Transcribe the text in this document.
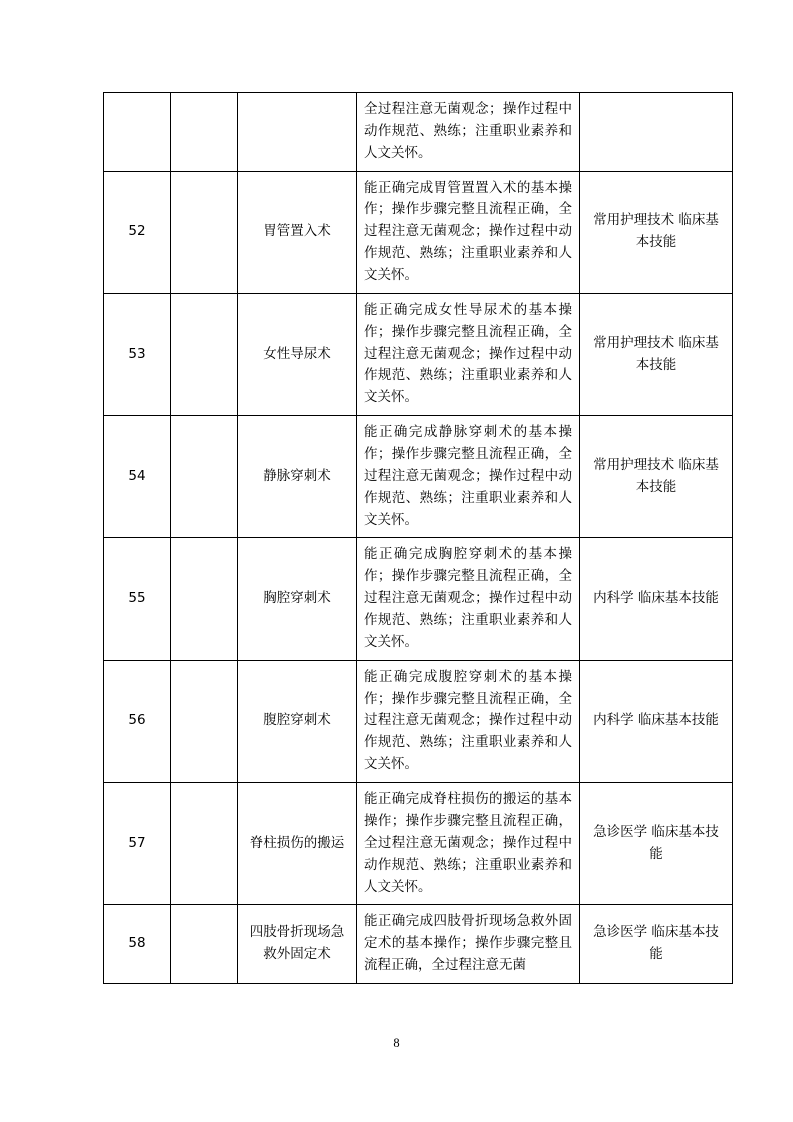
			全过程注意无菌观念；操作过程中动作规范、熟练；注重职业素养和人文关怀。	

52		胃管置入术	能正确完成胃管置置入术的基本操作；操作步骤完整且流程正确，全过程注意无菌观念；操作过程中动作规范、熟练；注重职业素养和人文关怀。	常用护理技术 临床基本技能

53		女性导尿术	能正确完成女性导尿术的基本操作；操作步骤完整且流程正确，全过程注意无菌观念；操作过程中动作规范、熟练；注重职业素养和人文关怀。	常用护理技术 临床基本技能

54		静脉穿刺术	能正确完成静脉穿刺术的基本操作；操作步骤完整且流程正确，全过程注意无菌观念；操作过程中动作规范、熟练；注重职业素养和人文关怀。	常用护理技术 临床基本技能

55		胸腔穿刺术	能正确完成胸腔穿刺术的基本操作；操作步骤完整且流程正确，全过程注意无菌观念；操作过程中动作规范、熟练；注重职业素养和人文关怀。	内科学 临床基本技能

56		腹腔穿刺术	能正确完成腹腔穿刺术的基本操作；操作步骤完整且流程正确，全过程注意无菌观念；操作过程中动作规范、熟练；注重职业素养和人文关怀。	内科学 临床基本技能

57		脊柱损伤的搬运	能正确完成脊柱损伤的搬运的基本操作；操作步骤完整且流程正确，全过程注意无菌观念；操作过程中动作规范、熟练；注重职业素养和人文关怀。	急诊医学 临床基本技能

58		四肢骨折现场急救外固定术	能正确完成四肢骨折现场急救外固定术的基本操作；操作步骤完整且流程正确，全过程注意无菌	急诊医学 临床基本技能
8
